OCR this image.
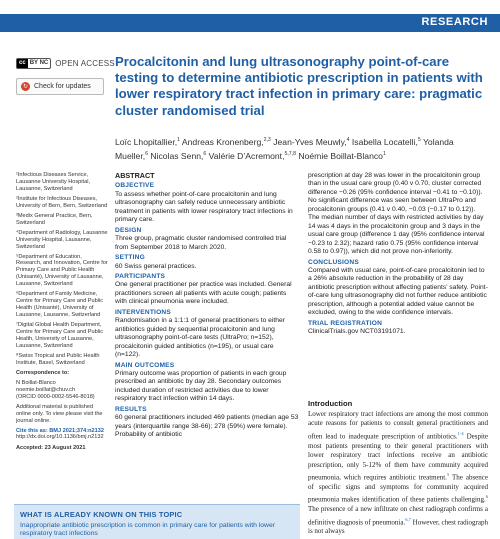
RESEARCH
cc BY NC OPEN ACCESS
↻ Check for updates
Procalcitonin and lung ultrasonography point-of-care testing to determine antibiotic prescription in patients with lower respiratory tract infection in primary care: pragmatic cluster randomised trial
Loïc Lhopitallier,$^1$ Andreas Kronenberg,$^{2,3}$ Jean-Yves Meuwly,$^4$ Isabella Locatelli,$^5$ Yolanda Mueller,$^6$ Nicolas Senn,$^6$ Valérie D’Acremont,$^{5,7,8}$ Noémie Boillat-Blanco$^1$

¹Infectious Diseases Service, Lausanne University Hospital, Lausanne, Switzerland

²Institute for Infectious Diseases, University of Bern, Bern, Switzerland

³Medix General Practice, Bern, Switzerland

⁴Department of Radiology, Lausanne University Hospital, Lausanne, Switzerland

⁵Department of Education, Research, and Innovation, Centre for Primary Care and Public Health (Unisanté), University of Lausanne, Lausanne, Switzerland

⁶Department of Family Medicine, Centre for Primary Care and Public Health (Unisanté), University of Lausanne, Lausanne, Switzerland

⁷Digital Global Health Department, Centre for Primary Care and Public Health, University of Lausanne, Lausanne, Switzerland

⁸Swiss Tropical and Public Health Institute, Basel, Switzerland

Correspondence to:

N Boillat-Blanco

noemie.boillat@chuv.ch

(ORCID 0000-0002-5546-8018)

Additional material is published online only. To view please visit the journal online.

Cite this as: BMJ 2021;374:n2132

http://dx.doi.org/10.1136/bmj.n2132

Accepted: 23 August 2021

ABSTRACT
OBJECTIVE

To assess whether point-of-care procalcitonin and lung ultrasonography can safely reduce unnecessary antibiotic treatment in patients with lower respiratory tract infections in primary care.

DESIGN

Three group, pragmatic cluster randomised controlled trial from September 2018 to March 2020.

SETTING

60 Swiss general practices.

PARTICIPANTS

One general practitioner per practice was included. General practitioners screen all patients with acute cough; patients with clinical pneumonia were included.

INTERVENTIONS

Randomisation in a 1:1:1 of general practitioners to either antibiotics guided by sequential procalcitonin and lung ultrasonography point-of-care tests (UltraPro; n=152), procalcitonin guided antibiotics (n=195), or usual care (n=122).

MAIN OUTCOMES

Primary outcome was proportion of patients in each group prescribed an antibiotic by day 28. Secondary outcomes included duration of restricted activities due to lower respiratory tract infection within 14 days.

RESULTS

60 general practitioners included 469 patients (median age 53 years (interquartile range 38-66); 278 (59%) were female). Probability of antibiotic

prescription at day 28 was lower in the procalcitonin group than in the usual care group (0.40 v 0.70, cluster corrected difference −0.26 (95% confidence interval −0.41 to −0.10)). No significant difference was seen between UltraPro and procalcitonin groups (0.41 v 0.40, −0.03 (−0.17 to 0.12)). The median number of days with restricted activities by day 14 was 4 days in the procalcitonin group and 3 days in the usual care group (difference 1 day (95% confidence interval −0.23 to 2.32); hazard ratio 0.75 (95% confidence interval 0.58 to 0.97)), which did not prove non-inferiority.

CONCLUSIONS

Compared with usual care, point-of-care procalcitonin led to a 26% absolute reduction in the probability of 28 day antibiotic prescription without affecting patients’ safety. Point-of-care lung ultrasonography did not further reduce antibiotic prescription, although a potential added value cannot be excluded, owing to the wide confidence intervals.

TRIAL REGISTRATION

ClinicalTrials.gov NCT03191071.

Introduction
Lower respiratory tract infections are among the most common acute reasons for patients to consult general practitioners and often lead to inadequate prescription of antibiotics.$^{1-4}$ Despite most patients presenting to their general practitioners with lower respiratory tract infections receive an antibiotic prescription, only 5-12% of them have community acquired pneumonia, which requires antibiotic treatment.$^5$ The absence of specific signs and symptoms for community acquired pneumonia makes identification of these patients challenging.$^6$ The presence of a new infiltrate on chest radiograph confirms a definitive diagnosis of pneumonia.$^{6,7}$ However, chest radiograph is not always
WHAT IS ALREADY KNOWN ON THIS TOPIC
Inappropriate antibiotic prescription is common in primary care for patients with lower respiratory tract infections
